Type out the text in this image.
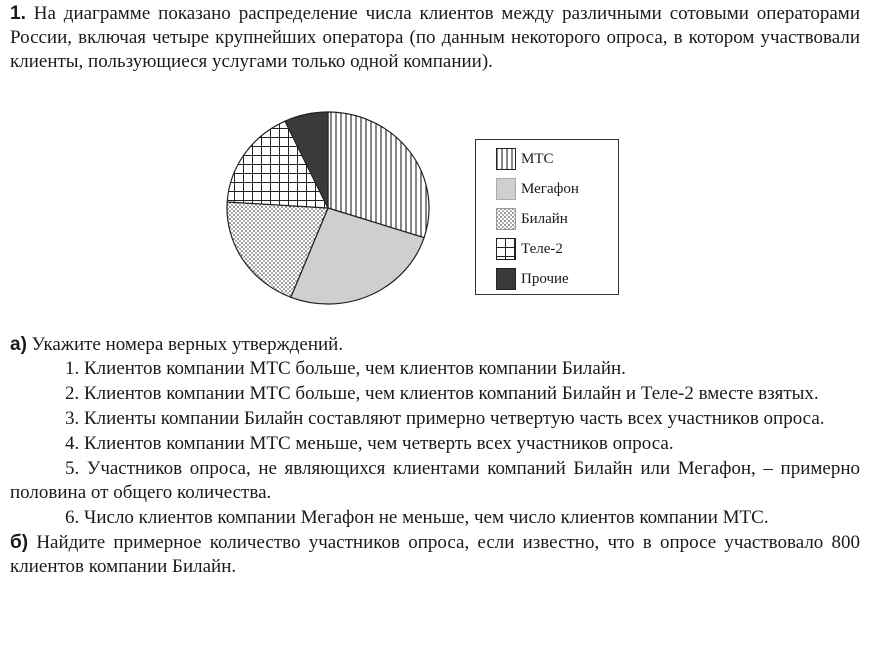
1. На диаграмме показано распределение числа клиентов между различными сотовыми операторами России, включая четыре крупнейших оператора (по данным некоторого опроса, в котором участвовали клиенты, пользующиеся услугами только одной компании).

МТС
Мегафон
Билайн
Теле-2
Прочие

а) Укажите номера верных утверждений.

1. Клиентов компании МТС больше, чем клиентов компании Билайн.

2. Клиентов компании МТС больше, чем клиентов компаний Билайн и Теле-2 вместе взятых.

3. Клиенты компании Билайн составляют примерно четвертую часть всех участников опроса.

4. Клиентов компании МТС меньше, чем четверть всех участников опроса.

5. Участников опроса, не являющихся клиентами компаний Билайн или Мегафон, – примерно половина от общего количества.

6. Число клиентов компании Мегафон не меньше, чем число клиентов компании МТС.

б) Найдите примерное количество участников опроса, если известно, что в опросе участвовало 800 клиентов компании Билайн.
